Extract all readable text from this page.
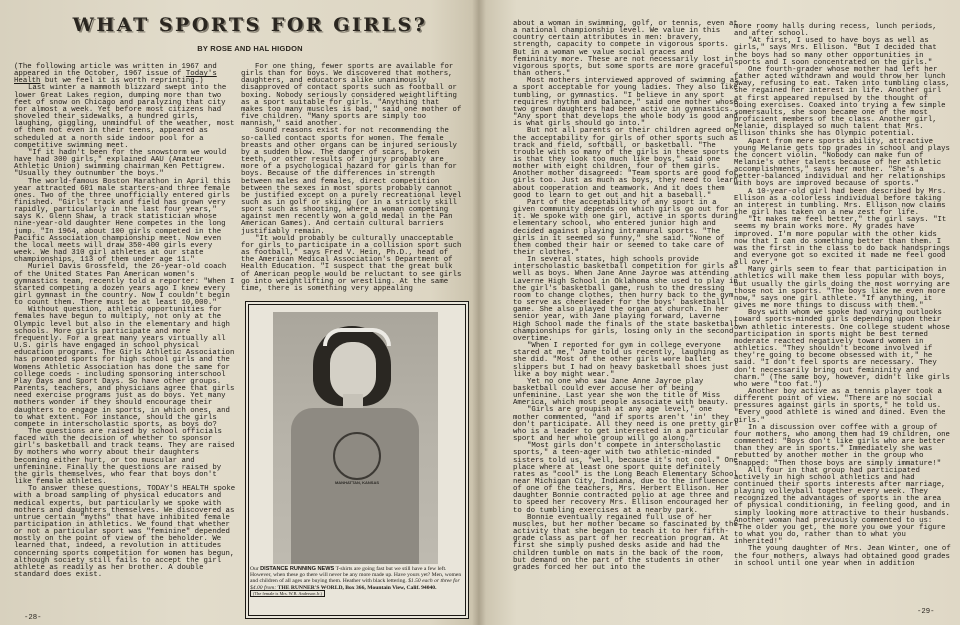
WHAT SPORTS FOR GIRLS?
BY ROSE AND HAL HIGDON

(The following article was written in 1967 and appeared in the October, 1967 issue of Today's Health but we feel it is worth reprinting.)

Last winter a mammoth blizzard swept into the lower Great Lakes region, dumping more than two feet of snow on Chicago and paralyzing that city for almost a week. Yet before most citizens had shoveled their sidewalks, a hundred girls, laughing, giggling, unmindful of the weather, most of them not even in their teens, appeared as scheduled at a north side indoor pool for a competitive swimming meet.

"If it hadn't been for the snowstorm we would have had 300 girls," explained AAU (Amateur Athletic Union) swimming chairman Ken Pettigrew. "Usually they outnumber the boys."

The world-famous Boston Marathon in April this year attracted 601 male starters-and three female ones. Two of the three unofficially entered girls finished. "Girls' track and field has grown very rapidly, particularly in the last four years," says K. Glenn Shaw, a track statistician whose nine-year-old daughter Hene competes in the long jump. "In 1964, about 100 girls competed in the Pacific Association championship meet. Now even the local meets will draw 350-400 girls every week. We had 310 girl athletes at our state championships, 113 of them under age 11."

Muriel Davis Grossfeld, the 26-year-old coach of the United States Pan American women's gymnastics team, recently told a reporter: "When I started competing a dozen years ago I knew every girl gymnast in the country. Now I couldn't begin to count them. There must be at least 10,000."

Without question, athletic opportunities for females have begun to multiply, not only at the Olympic level but also in the elementary and high schools. More girls participate and more frequently. For a great many years virtually all U.S. girls have engaged in school physical education programs. The Girls Athletic Association has promoted sports for high school girls and the Womens Athletic Association has done the same for college coeds - including sponsoring interschool Play Days and Sport Days. So have other groups. Parents, teachers, and physicians agree that girls need exercise programs just as do boys. Yet many mothers wonder if they should encourage their daughters to engage in sports, in which ones, and to what extent. For instance, should the girls compete in interscholastic sports, as boys do?

The questions are raised by school officials faced with the decision of whether to sponsor girl's basketball and track teams. They are raised by mothers who worry about their daughters becoming either hurt, or too muscular and unfeminine. Finally the questions are raised by the girls themselves, who fear that boys don't like female athletes.

To answer these questions, TODAY'S HEALTH spoke with a broad sampling of physical educators and medical experts, but particularly we spoke with mothers and daughters themselves. We discovered as untrue certain "myths" that have inhibited female participation in athletics. We found that whether or not a particular sport was "feminine" depended mostly on the point of view of the beholder. We learned that, indeed, a revolution in attitudes concerning sports competition for women has begun, although society still fails to accept the girl athlete as readily as her brother. A double standard does exist.

For one thing, fewer sports are available for girls than for boys. We discovered that mothers, daughters, and educators alike unanimously disapproved of contact sports such as football or boxing. Nobody seriously considered weightlifting as a sport suitable for girls. "Anything that makes too many muscles is bad," said one mother of five children. "Many sports are simply too mannish," said another.

Sound reasons exist for not recommending the so-called contact sports for women. The female breasts and other organs can be injured seriously by a sudden blow. The danger of scars, broken teeth, or other results of injury probably are more of a psychological hazard for girls than for boys. Because of the differences in strength between males and females, direct competition between the sexes in most sports probably cannot be justified except on a purely recreational level such as in golf or skiing (or in a strictly skill sport such as shooting, where a woman competing against men recently won a gold medal in the Pan American Games). And certain cultural barriers justifiably remain.

"It would probably be culturally unacceptable for girls to participate in a collision sport such as football," says Fred V. Hein, Ph.D., head of the American Medical Association's Department of Health Education. "I suspect that the great bulk of American people would be reluctant to see girls go into weightlifting or wrestling. At the same time, there is something very appealing

MANHATTAN, KANSAS
Our DISTANCE RUNNING NEWS T-shirts are going fast but we still have a few left. However, when these go there will never be any more made up. Have yours yet? Men, women and children of all ages are buying them. Heather with black lettering. $1.50 each or three for $4.00 from: THE RUNNER'S WORLD, Box 366, Mountain View, Calif. 94040.
(The female is Mrs. W.B. Anderson Jr.)
-28-

about a woman in swimming, golf, or tennis, even at a national championship level. We value in this country certain attributes in men: bravery, strength, capacity to compete in vigorous sports. But in a woman we value social graces and femininity more. These are not necessarily lost in vigorous sports, but some sports are more graceful than others."

Most mothers interviewed approved of swimming as a sport acceptable for young ladies. They also like tumbling, or gymnastics. "I believe in any sport requires rhythm and balance," said one mother whose two grown daughters had been active in gymnastics. "Any sport that develops the whole body is good and is what girls should go into."

But not all parents or their children agreed on the acceptability for girls of other sports such as track and field, softball, or basketball. "The trouble with so many of the girls in these sports is that they look too much like boys," said one mother with eight children, four of them girls. Another mother disagreed: "Team sports are good for girls too. Just as much as boys, they need to learn about cooperation and teamwork. And it does them good to learn to get out and hit a baseball."

Part of the acceptability of any sport in a given community depends on which girls go out for it. We spoke with one girl, active in sports during elementary school, who entered junior high and decided against playing intramural sports. "The girls in it seemed so funny," she said. "None of them combed their hair or seemed to take care of their clothes."

In several states, high schools provide interscholastic basketball competition for girls as well as boys. When Jane Anne Jayroe was attending Laverne High School in Oklahoma she used to play in the girl's basketball game, rush to the dressing room to change clothes, then hurry back to the gym to serve as cheerleader for the boys' basketball game. She also played the organ at church. In her senior year, with Jane playing forward, Laverne High School made the finals of the state basketball championships for girls, losing only in the second overtime.

"When I reported for gym in college everyone stared at me," Jane told us recently, laughing as she did. "Most of the other girls wore ballet slippers but I had on heavy basketball shoes just like a boy might wear."

Yet no one who saw Jane Anne Jayroe play basketball could ever accuse her of being unfeminine. Last year she won the title of Miss America, which most people associate with beauty.

"Girls are groupish at any age level," one mother commented, "and if sports aren't 'in' they don't participate. All they need is one pretty girl who is a leader to get interested in a particular sport and her whole group will go along."

"Most girls don't compete in interscholastic sports," a teen-ager with two athletic-minded sisters told us, "well, because it's not cool." One place where at least one sport quite definitely rates as "cool" is the Long Beach Elementary School near Michigan City, Indiana, due to the influence of one of the teachers, Mrs. Herbert Ellison. Her daughter Bonnie contracted polio at age three and to speed her recovery Mrs. Ellison encouraged her to do tumbling exercises at a nearby park.

Bonnie eventually regained full use of her muscles, but her mother became so fascinated by the activity that she began to teach it to her fifth-grade class as part of her recreation program. At first she simply pushed desks aside and had the children tumble on mats in the back of the room, but demand on the part of the students in other grades forced her out into the

more roomy halls during recess, lunch periods, and after school.

"At first, I used to have boys as well as girls," says Mrs. Ellison. "But I decided that the boys had so many other opportunities in sports and I soon concentrated on the girls."

One fourth-grader whose mother had left her father acted withdrawn and would throw her lunch away, refusing to eat. Taken into tumbling class, she regained her interest in life. Another girl at first appeared repulsed by the thought of doing exercises. Coaxed into trying a few simple somersaults, she soon became one of the most proficient members of the class. Another girl, Melanie, displayed so much talent that Mrs. Ellison thinks she has Olympic potential.

Apart from mere sports ability, attractive young Melanie gets top grades in school and plays the concert violin. "Nobody can make fun of Melanie's other talents because of her athletic accomplishments," says her mother. "She's a better-balanced individual and her relationships with boys are improved because of sports."

A 10-year-old girl had been described by Mrs. Ellison as a colorless individual before taking an interest in tumbling. Mrs. Ellison now claims the girl has taken on a new zest for life.

"It makes me feel better," the girl says. "It seems my brain works more. My grades have improved. I'm more popular with the other kids now that I can do something better than them. I was the first in the class to do back handsprings and everyone got so excited it made me feel good all over."

Many girls seem to fear that participation in athletics will make them less popular with boys, but usually the girls doing the most worrying are those not in sports. "The boys like me even more now," says one girl athlete. "If anything, it gives me more things to discuss with them."

Boys with whom we spoke had varying outlooks toward sports-minded girls depending upon their own athletic interests. One college student whose participation in sports might be best termed moderate reacted negatively toward women in athletics. "They shouldn't become involved if they're going to become obsessed with it," he said. "I don't feel sports are necessary. They don't necessarily bring out femininity and charm." (The same boy, however, didn't like girls who were "too fat.")

Another boy active as a tennis player took a different point of view. "There are no social pressures against girls in sports," he told us. "Every good athlete is wined and dined. Even the girls."

In a discussion over coffee with a group of four mothers, who among them had 19 children, one commented: "Boys don't like girls who are better than they are in sports." Immediately she was rebutted by another mother in the group who snapped: "Then those boys are simply immature!"

All four in that group had participated actively in high school athletics and had continued their sports interests after marriage, playing volleyball together every week. They recognized the advantages of sports in the area of physical conditioning, in feeling good, and in simply looking more attractive to their husbands. Another woman had previously commented to us: "The older you get, the more you owe your figure to what you do, rather than to what you inherited!"

The young daughter of Mrs. Jean Winter, one of the four mothers, always had obtained good grades in school until one year when in addition

-29-
